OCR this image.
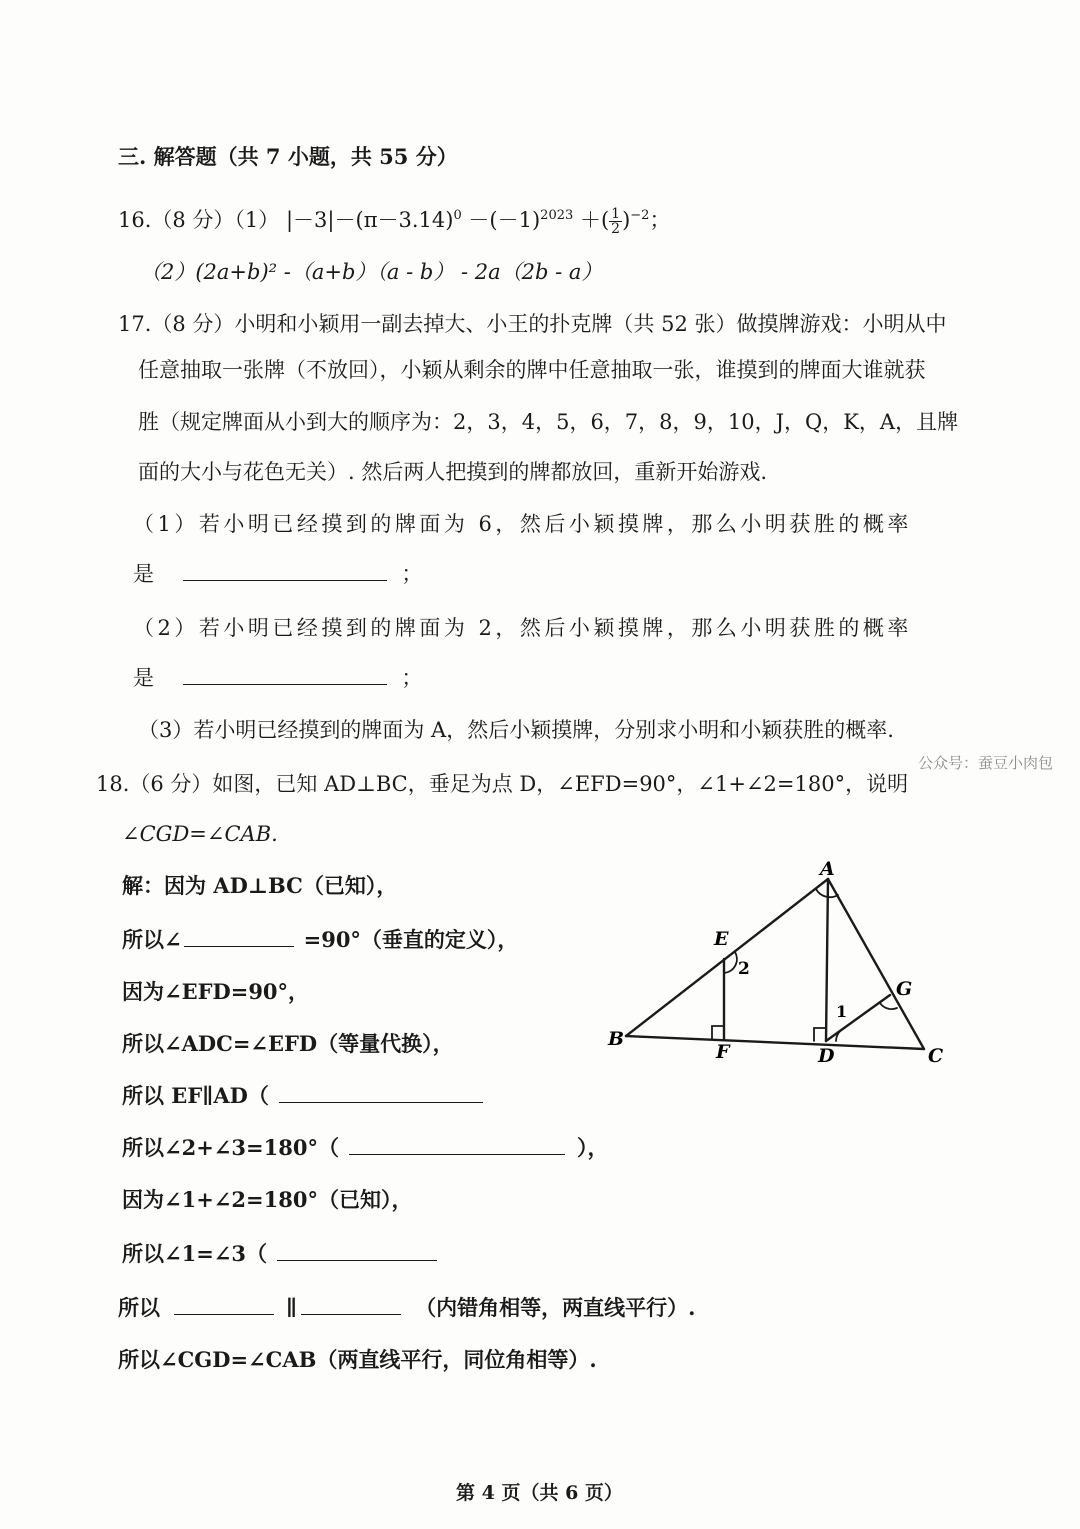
三. 解答题（共 7 小题，共 55 分）
16.（8 分）（1） $|-3|-(\pi-3.14)^0 -(-1)^{2023}$ ＋( $\frac{1}{2} )^{-2}$；
（2）(2a+b)² -（a+b）（a - b） - 2a（2b - a）
17.（8 分）小明和小颖用一副去掉大、小王的扑克牌（共 52 张）做摸牌游戏：小明从中
任意抽取一张牌（不放回），小颖从剩余的牌中任意抽取一张，谁摸到的牌面大谁就获
胜（规定牌面从小到大的顺序为：2，3，4，5，6，7，8，9，10，J，Q，K，A，且牌
面的大小与花色无关）. 然后两人把摸到的牌都放回，重新开始游戏.
（1）若小明已经摸到的牌面为 6，然后小颖摸牌，那么小明获胜的概率
是	；
（2）若小明已经摸到的牌面为 2，然后小颖摸牌，那么小明获胜的概率
是	；
（3）若小明已经摸到的牌面为 A，然后小颖摸牌，分别求小明和小颖获胜的概率.
公众号：蚕豆小肉包
18.（6 分）如图，已知 AD⊥BC，垂足为点 D，∠EFD=90°，∠1+∠2=180°，说明
∠CGD=∠CAB.
解：因为 AD⊥BC（已知），
所以∠	=90°（垂直的定义），
因为∠EFD=90°，
所以∠ADC=∠EFD（等量代换），
所以 EF∥AD（
所以∠2+∠3=180°（	），
因为∠1+∠2=180°（已知），
所以∠1=∠3（
所以	∥	（内错角相等，两直线平行）.
所以∠CGD=∠CAB（两直线平行，同位角相等）.
A
B
C
D
E
F
G
1
2
第 4 页（共 6 页）
